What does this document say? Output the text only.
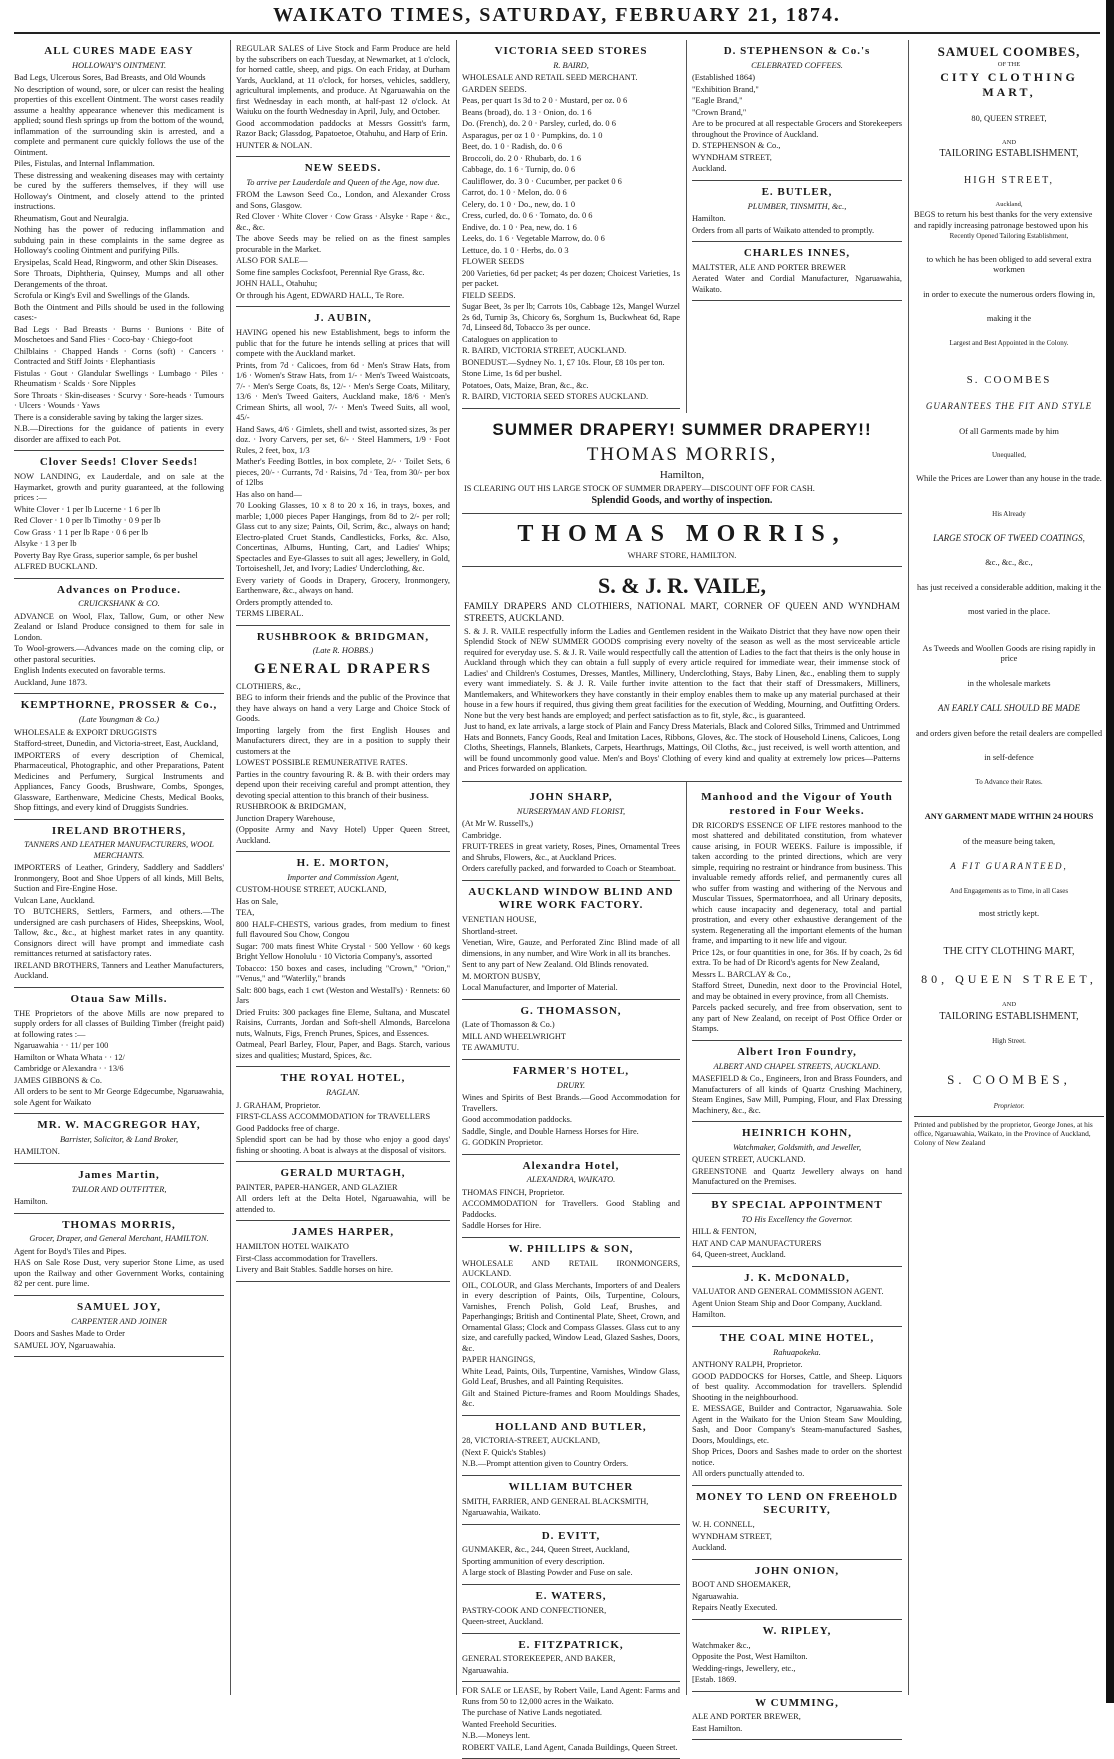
WAIKATO TIMES, SATURDAY, FEBRUARY 21, 1874.
ALL CURES MADE EASY
HOLLOWAY'S OINTMENT.

Bad Legs, Ulcerous Sores, Bad Breasts, and Old Wounds

No description of wound, sore, or ulcer can resist the healing properties of this excellent Ointment. The worst cases readily assume a healthy appearance whenever this medicament is applied; sound flesh springs up from the bottom of the wound, inflammation of the surrounding skin is arrested, and a complete and permanent cure quickly follows the use of the Ointment.

Piles, Fistulas, and Internal Inflammation.

These distressing and weakening diseases may with certainty be cured by the sufferers themselves, if they will use Holloway's Ointment, and closely attend to the printed instructions.

Rheumatism, Gout and Neuralgia.

Nothing has the power of reducing inflammation and subduing pain in these complaints in the same degree as Holloway's cooling Ointment and purifying Pills.

Erysipelas, Scald Head, Ringworm, and other Skin Diseases.

Sore Throats, Diphtheria, Quinsey, Mumps and all other Derangements of the throat.

Scrofula or King's Evil and Swellings of the Glands.

Both the Ointment and Pills should be used in the following cases:-

Bad Legs · Bad Breasts · Burns · Bunions · Bite of Moschetoes and Sand Flies · Coco-bay · Chiego-foot

Chilblains · Chapped Hands · Corns (soft) · Cancers · Contracted and Stiff Joints · Elephantiasis

Fistulas · Gout · Glandular Swellings · Lumbago · Piles · Rheumatism · Scalds · Sore Nipples

Sore Throats · Skin-diseases · Scurvy · Sore-heads · Tumours · Ulcers · Wounds · Yaws

There is a considerable saving by taking the larger sizes.

N.B.—Directions for the guidance of patients in every disorder are affixed to each Pot.

Clover Seeds! Clover Seeds!

NOW LANDING, ex Lauderdale, and on sale at the Haymarket, growth and purity guaranteed, at the following prices :—

White Clover · 1 per lb Lucerne · 1 6 per lb

Red Clover · 1 0 per lb Timothy · 0 9 per lb

Cow Grass · 1 1 per lb Rape · 0 6 per lb

Alsyke · 1 3 per lb

Poverty Bay Rye Grass, superior sample, 6s per bushel

ALFRED BUCKLAND.

Advances on Produce.
CRUICKSHANK & CO.

ADVANCE on Wool, Flax, Tallow, Gum, or other New Zealand or Island Produce consigned to them for sale in London.

To Wool-growers.—Advances made on the coming clip, or other pastoral securities.

English Indents executed on favorable terms.

Auckland, June 1873.

KEMPTHORNE, PROSSER & Co.,
(Late Youngman & Co.)

WHOLESALE & EXPORT DRUGGISTS

Stafford-street, Dunedin, and Victoria-street, East, Auckland,

IMPORTERS of every description of Chemical, Pharmaceutical, Photographic, and other Preparations, Patent Medicines and Perfumery, Surgical Instruments and Appliances, Fancy Goods, Brushware, Combs, Sponges, Glassware, Earthenware, Medicine Chests, Medical Books, Shop fittings, and every kind of Druggists Sundries.

IRELAND BROTHERS,
TANNERS AND LEATHER MANUFACTURERS, WOOL MERCHANTS.

IMPORTERS of Leather, Grindery, Saddlery and Saddlers' Ironmongery, Boot and Shoe Uppers of all kinds, Mill Belts, Suction and Fire-Engine Hose.

Vulcan Lane, Auckland.

TO BUTCHERS, Settlers, Farmers, and others.—The undersigned are cash purchasers of Hides, Sheepskins, Wool, Tallow, &c., &c., at highest market rates in any quantity. Consignors direct will have prompt and immediate cash remittances returned at satisfactory rates.

IRELAND BROTHERS, Tanners and Leather Manufacturers, Auckland.

Otaua Saw Mills.

THE Proprietors of the above Mills are now prepared to supply orders for all classes of Building Timber (freight paid) at following rates :—

Ngaruawahia · · 11/ per 100

Hamilton or Whata Whata · · 12/

Cambridge or Alexandra · · 13/6

JAMES GIBBONS & Co.

All orders to be sent to Mr George Edgecumbe, Ngaruawahia, sole Agent for Waikato

MR. W. MACGREGOR HAY,
Barrister, Solicitor, & Land Broker,

HAMILTON.

James Martin,
TAILOR AND OUTFITTER,

Hamilton.

THOMAS MORRIS,
Grocer, Draper, and General Merchant, HAMILTON.

Agent for Boyd's Tiles and Pipes.

HAS on Sale Rose Dust, very superior Stone Lime, as used upon the Railway and other Government Works, containing 82 per cent. pure lime.

SAMUEL JOY,
CARPENTER AND JOINER

Doors and Sashes Made to Order

SAMUEL JOY, Ngaruawahia.

REGULAR SALES of Live Stock and Farm Produce are held by the subscribers on each Tuesday, at Newmarket, at 1 o'clock, for horned cattle, sheep, and pigs. On each Friday, at Durham Yards, Auckland, at 11 o'clock, for horses, vehicles, saddlery, agricultural implements, and produce. At Ngaruawahia on the first Wednesday in each month, at half-past 12 o'clock. At Waiuku on the fourth Wednesday in April, July, and October.

Good accommodation paddocks at Messrs Gossitt's farm, Razor Back; Glassdog, Papatoetoe, Otahuhu, and Harp of Erin.

HUNTER & NOLAN.

NEW SEEDS.
To arrive per Lauderdale and Queen of the Age, now due.

FROM the Lawson Seed Co., London, and Alexander Cross and Sons, Glasgow.

Red Clover · White Clover · Cow Grass · Alsyke · Rape · &c., &c., &c.

The above Seeds may be relied on as the finest samples procurable in the Market.

ALSO FOR SALE—

Some fine samples Cocksfoot, Perennial Rye Grass, &c.

JOHN HALL, Otahuhu;

Or through his Agent, EDWARD HALL, Te Rore.

J. AUBIN,

HAVING opened his new Establishment, begs to inform the public that for the future he intends selling at prices that will compete with the Auckland market.

Prints, from 7d · Calicoes, from 6d · Men's Straw Hats, from 1/6 · Women's Straw Hats, from 1/- · Men's Tweed Waistcoats, 7/- · Men's Serge Coats, 8s, 12/- · Men's Serge Coats, Military, 13/6 · Men's Tweed Gaiters, Auckland make, 18/6 · Men's Crimean Shirts, all wool, 7/- · Men's Tweed Suits, all wool, 45/-

Hand Saws, 4/6 · Gimlets, shell and twist, assorted sizes, 3s per doz. · Ivory Carvers, per set, 6/- · Steel Hammers, 1/9 · Foot Rules, 2 feet, box, 1/3

Mather's Feeding Bottles, in box complete, 2/- · Toilet Sets, 6 pieces, 20/- · Currants, 7d · Raisins, 7d · Tea, from 30/- per box of 12lbs

Has also on hand—

70 Looking Glasses, 10 x 8 to 20 x 16, in trays, boxes, and marble; 1,000 pieces Paper Hangings, from 8d to 2/- per roll; Glass cut to any size; Paints, Oil, Scrim, &c., always on hand; Electro-plated Cruet Stands, Candlesticks, Forks, &c. Also, Concertinas, Albums, Hunting, Cart, and Ladies' Whips; Spectacles and Eye-Glasses to suit all ages; Jewellery, in Gold, Tortoiseshell, Jet, and Ivory; Ladies' Underclothing, &c.

Every variety of Goods in Drapery, Grocery, Ironmongery, Earthenware, &c., always on hand.

Orders promptly attended to.

TERMS LIBERAL.

RUSHBROOK & BRIDGMAN,
(Late R. HOBBS.)
GENERAL DRAPERS

CLOTHIERS, &c.,

BEG to inform their friends and the public of the Province that they have always on hand a very Large and Choice Stock of Goods.

Importing largely from the first English Houses and Manufacturers direct, they are in a position to supply their customers at the

LOWEST POSSIBLE REMUNERATIVE RATES.

Parties in the country favouring R. & B. with their orders may depend upon their receiving careful and prompt attention, they devoting special attention to this branch of their business.

RUSHBROOK & BRIDGMAN,

Junction Drapery Warehouse,

(Opposite Army and Navy Hotel) Upper Queen Street, Auckland.

H. E. MORTON,
Importer and Commission Agent,

CUSTOM-HOUSE STREET, AUCKLAND,

Has on Sale,

TEA,

800 HALF-CHESTS, various grades, from medium to finest full flavoured Sou Chow, Congou

Sugar: 700 mats finest White Crystal · 500 Yellow · 60 kegs Bright Yellow Honolulu · 10 Victoria Company's, assorted

Tobacco: 150 boxes and cases, including "Crown," "Orion," "Venus," and "Waterlily," brands

Salt: 800 bags, each 1 cwt (Weston and Westall's) · Rennets: 60 Jars

Dried Fruits: 300 packages fine Eleme, Sultana, and Muscatel Raisins, Currants, Jordan and Soft-shell Almonds, Barcelona nuts, Walnuts, Figs, French Prunes, Spices, and Essences.

Oatmeal, Pearl Barley, Flour, Paper, and Bags. Starch, various sizes and qualities; Mustard, Spices, &c.

THE ROYAL HOTEL,
RAGLAN.

J. GRAHAM, Proprietor.

FIRST-CLASS ACCOMMODATION for TRAVELLERS

Good Paddocks free of charge.

Splendid sport can be had by those who enjoy a good days' fishing or shooting. A boat is always at the disposal of visitors.

GERALD MURTAGH,

PAINTER, PAPER-HANGER, AND GLAZIER

All orders left at the Delta Hotel, Ngaruawahia, will be attended to.

JAMES HARPER,

HAMILTON HOTEL WAIKATO

First-Class accommodation for Travellers.

Livery and Bait Stables. Saddle horses on hire.

VICTORIA SEED STORES
R. BAIRD,

WHOLESALE AND RETAIL SEED MERCHANT.

GARDEN SEEDS.

Peas, per quart 1s 3d to 2 0 · Mustard, per oz. 0 6

Beans (broad), do. 1 3 · Onion, do. 1 6

Do. (French), do. 2 0 · Parsley, curled, do. 0 6

Asparagus, per oz 1 0 · Pumpkins, do. 1 0

Beet, do. 1 0 · Radish, do. 0 6

Broccoli, do. 2 0 · Rhubarb, do. 1 6

Cabbage, do. 1 6 · Turnip, do. 0 6

Cauliflower, do. 3 0 · Cucumber, per packet 0 6

Carrot, do. 1 0 · Melon, do. 0 6

Celery, do. 1 0 · Do., new, do. 1 0

Cress, curled, do. 0 6 · Tomato, do. 0 6

Endive, do. 1 0 · Pea, new, do. 1 6

Leeks, do. 1 6 · Vegetable Marrow, do. 0 6

Lettuce, do. 1 0 · Herbs, do. 0 3

FLOWER SEEDS

200 Varieties, 6d per packet; 4s per dozen; Choicest Varieties, 1s per packet.

FIELD SEEDS.

Sugar Beet, 3s per lb; Carrots 10s, Cabbage 12s, Mangel Wurzel 2s 6d, Turnip 3s, Chicory 6s, Sorghum 1s, Buckwheat 6d, Rape 7d, Linseed 8d, Tobacco 3s per ounce.

Catalogues on application to

R. BAIRD, VICTORIA STREET, AUCKLAND.

BONEDUST.—Sydney No. 1, £7 10s. Flour, £8 10s per ton.

Stone Lime, 1s 6d per bushel.

Potatoes, Oats, Maize, Bran, &c., &c.

R. BAIRD, VICTORIA SEED STORES AUCKLAND.

JOHN SHARP,
NURSERYMAN AND FLORIST,

(At Mr W. Russell's,)

Cambridge.

FRUIT-TREES in great variety, Roses, Pines, Ornamental Trees and Shrubs, Flowers, &c., at Auckland Prices.

Orders carefully packed, and forwarded to Coach or Steamboat.

AUCKLAND WINDOW BLIND AND WIRE WORK FACTORY.

VENETIAN HOUSE,

Shortland-street.

Venetian, Wire, Gauze, and Perforated Zinc Blind made of all dimensions, in any number, and Wire Work in all its branches.

Sent to any part of New Zealand. Old Blinds renovated.

M. MORTON BUSBY,

Local Manufacturer, and Importer of Material.

G. THOMASSON,

(Late of Thomasson & Co.)

MILL AND WHEELWRIGHT

TE AWAMUTU.

FARMER'S HOTEL,
DRURY.

Wines and Spirits of Best Brands.—Good Accommodation for Travellers.

Good accommodation paddocks.

Saddle, Single, and Double Harness Horses for Hire.

G. GODKIN Proprietor.

Alexandra Hotel,
ALEXANDRA, WAIKATO.

THOMAS FINCH, Proprietor.

ACCOMMODATION for Travellers. Good Stabling and Paddocks.

Saddle Horses for Hire.

W. PHILLIPS & SON,

WHOLESALE AND RETAIL IRONMONGERS, AUCKLAND.

OIL, COLOUR, and Glass Merchants, Importers of and Dealers in every description of Paints, Oils, Turpentine, Colours, Varnishes, French Polish, Gold Leaf, Brushes, and Paperhangings; British and Continental Plate, Sheet, Crown, and Ornamental Glass; Clock and Compass Glasses. Glass cut to any size, and carefully packed, Window Lead, Glazed Sashes, Doors, &c.

PAPER HANGINGS,

White Lead, Paints, Oils, Turpentine, Varnishes, Window Glass, Gold Leaf, Brushes, and all Painting Requisites.

Gilt and Stained Picture-frames and Room Mouldings Shades, &c.

HOLLAND AND BUTLER,

28, VICTORIA-STREET, AUCKLAND,

(Next F. Quick's Stables)

N.B.—Prompt attention given to Country Orders.

WILLIAM BUTCHER

SMITH, FARRIER, AND GENERAL BLACKSMITH,

Ngaruawahia, Waikato.

D. EVITT,

GUNMAKER, &c., 244, Queen Street, Auckland,

Sporting ammunition of every description.

A large stock of Blasting Powder and Fuse on sale.

E. WATERS,

PASTRY-COOK AND CONFECTIONER,

Queen-street, Auckland.

E. FITZPATRICK,

GENERAL STOREKEEPER, AND BAKER,

Ngaruawahia.

FOR SALE or LEASE, by Robert Vaile, Land Agent: Farms and Runs from 50 to 12,000 acres in the Waikato.

The purchase of Native Lands negotiated.

Wanted Freehold Securities.

N.B.—Moneys lent.

ROBERT VAILE, Land Agent, Canada Buildings, Queen Street.

D. STEPHENSON & Co.'s
CELEBRATED COFFEES.

(Established 1864)

"Exhibition Brand,"

"Eagle Brand,"

"Crown Brand,"

Are to be procured at all respectable Grocers and Storekeepers throughout the Province of Auckland.

D. STEPHENSON & Co.,

WYNDHAM STREET,

Auckland.

E. BUTLER,
PLUMBER, TINSMITH, &c.,

Hamilton.

Orders from all parts of Waikato attended to promptly.

CHARLES INNES,

MALTSTER, ALE AND PORTER BREWER

Aerated Water and Cordial Manufacturer, Ngaruawahia, Waikato.

Manhood and the Vigour of Youth restored in Four Weeks.

DR RICORD'S ESSENCE OF LIFE restores manhood to the most shattered and debilitated constitution, from whatever cause arising, in FOUR WEEKS. Failure is impossible, if taken according to the printed directions, which are very simple, requiring no restraint or hindrance from business. This invaluable remedy affords relief, and permanently cures all who suffer from wasting and withering of the Nervous and Muscular Tissues, Spermatorrhoea, and all Urinary deposits, which cause incapacity and degeneracy, total and partial prostration, and every other exhaustive derangement of the system. Regenerating all the important elements of the human frame, and imparting to it new life and vigour.

Price 12s, or four quantities in one, for 36s. If by coach, 2s 6d extra. To be had of Dr Ricord's agents for New Zealand,

Messrs L. BARCLAY & Co.,

Stafford Street, Dunedin, next door to the Provincial Hotel, and may be obtained in every province, from all Chemists.

Parcels packed securely, and free from observation, sent to any part of New Zealand, on receipt of Post Office Order or Stamps.

Albert Iron Foundry,
ALBERT AND CHAPEL STREETS, AUCKLAND.

MASEFIELD & Co., Engineers, Iron and Brass Founders, and Manufacturers of all kinds of Quartz Crushing Machinery, Steam Engines, Saw Mill, Pumping, Flour, and Flax Dressing Machinery, &c., &c.

HEINRICH KOHN,
Watchmaker, Goldsmith, and Jeweller,

QUEEN STREET, AUCKLAND.

GREENSTONE and Quartz Jewellery always on hand Manufactured on the Premises.

BY SPECIAL APPOINTMENT
TO His Excellency the Governor.

HILL & FENTON,

HAT AND CAP MANUFACTURERS

64, Queen-street, Auckland.

J. K. McDONALD,

VALUATOR AND GENERAL COMMISSION AGENT.

Agent Union Steam Ship and Door Company, Auckland.

Hamilton.

THE COAL MINE HOTEL,
Rahuapokeka.

ANTHONY RALPH, Proprietor.

GOOD PADDOCKS for Horses, Cattle, and Sheep. Liquors of best quality. Accommodation for travellers. Splendid Shooting in the neighbourhood.

E. MESSAGE, Builder and Contractor, Ngaruawahia. Sole Agent in the Waikato for the Union Steam Saw Moulding, Sash, and Door Company's Steam-manufactured Sashes, Doors, Mouldings, etc.

Shop Prices, Doors and Sashes made to order on the shortest notice.

All orders punctually attended to.

MONEY TO LEND ON FREEHOLD SECURITY,

W. H. CONNELL,

WYNDHAM STREET,

Auckland.

JOHN ONION,

BOOT AND SHOEMAKER,

Ngaruawahia.

Repairs Neatly Executed.

W. RIPLEY,

Watchmaker &c.,

Opposite the Post, West Hamilton.

Wedding-rings, Jewellery, etc.,

[Estab. 1869.

W CUMMING,

ALE AND PORTER BREWER,

East Hamilton.

SUMMER DRAPERY! SUMMER DRAPERY!!
THOMAS MORRIS,
Hamilton,

IS CLEARING OUT HIS LARGE STOCK OF SUMMER DRAPERY—DISCOUNT OFF FOR CASH.

Splendid Goods, and worthy of inspection.
THOMAS MORRIS,
WHARF STORE, HAMILTON.
S. & J. R. VAILE,

FAMILY DRAPERS AND CLOTHIERS, NATIONAL MART, CORNER OF QUEEN AND WYNDHAM STREETS, AUCKLAND.

S. & J. R. VAILE respectfully inform the Ladies and Gentlemen resident in the Waikato District that they have now open their Splendid Stock of NEW SUMMER GOODS comprising every novelty of the season as well as the most serviceable article required for everyday use. S. & J. R. Vaile would respectfully call the attention of Ladies to the fact that theirs is the only house in Auckland through which they can obtain a full supply of every article required for immediate wear, their immense stock of Ladies' and Children's Costumes, Dresses, Mantles, Millinery, Underclothing, Stays, Baby Linen, &c., enabling them to supply every want immediately. S. & J. R. Vaile further invite attention to the fact that their staff of Dressmakers, Milliners, Mantlemakers, and Whiteworkers they have constantly in their employ enables them to make up any material purchased at their house in a few hours if required, thus giving them great facilities for the execution of Wedding, Mourning, and Outfitting Orders. None but the very best hands are employed; and perfect satisfaction as to fit, style, &c., is guaranteed.

Just to hand, ex late arrivals, a large stock of Plain and Fancy Dress Materials, Black and Colored Silks, Trimmed and Untrimmed Hats and Bonnets, Fancy Goods, Real and Imitation Laces, Ribbons, Gloves, &c. The stock of Household Linens, Calicoes, Long Cloths, Sheetings, Flannels, Blankets, Carpets, Hearthrugs, Mattings, Oil Cloths, &c., just received, is well worth attention, and will be found uncommonly good value. Men's and Boys' Clothing of every kind and quality at extremely low prices—Patterns and Prices forwarded on application.

SAMUEL COOMBES,

OF THE

CITY CLOTHING MART,

80, QUEEN STREET,

AND

TAILORING ESTABLISHMENT,

HIGH STREET,

Auckland,

BEGS to return his best thanks for the very extensive and rapidly increasing patronage bestowed upon his

Recently Opened Tailoring Establishment,

to which he has been obliged to add several extra workmen

in order to execute the numerous orders flowing in,

making it the

Largest and Best Appointed in the Colony.

S. COOMBES

GUARANTEES THE FIT AND STYLE

Of all Garments made by him

Unequalled,

While the Prices are Lower than any house in the trade.

His Already

LARGE STOCK OF TWEED COATINGS,

&c., &c., &c.,

has just received a considerable addition, making it the

most varied in the place.

As Tweeds and Woollen Goods are rising rapidly in price

in the wholesale markets

AN EARLY CALL SHOULD BE MADE

and orders given before the retail dealers are compelled

in self-defence

To Advance their Rates.

ANY GARMENT MADE WITHIN 24 HOURS

of the measure being taken,

A FIT GUARANTEED,

And Engagements as to Time, in all Cases

most strictly kept.

THE CITY CLOTHING MART,

80, QUEEN STREET,

AND

TAILORING ESTABLISHMENT,

High Street.

S. COOMBES,

Proprietor.

Printed and published by the proprietor, George Jones, at his office, Ngaruawahia, Waikato, in the Province of Auckland, Colony of New Zealand
